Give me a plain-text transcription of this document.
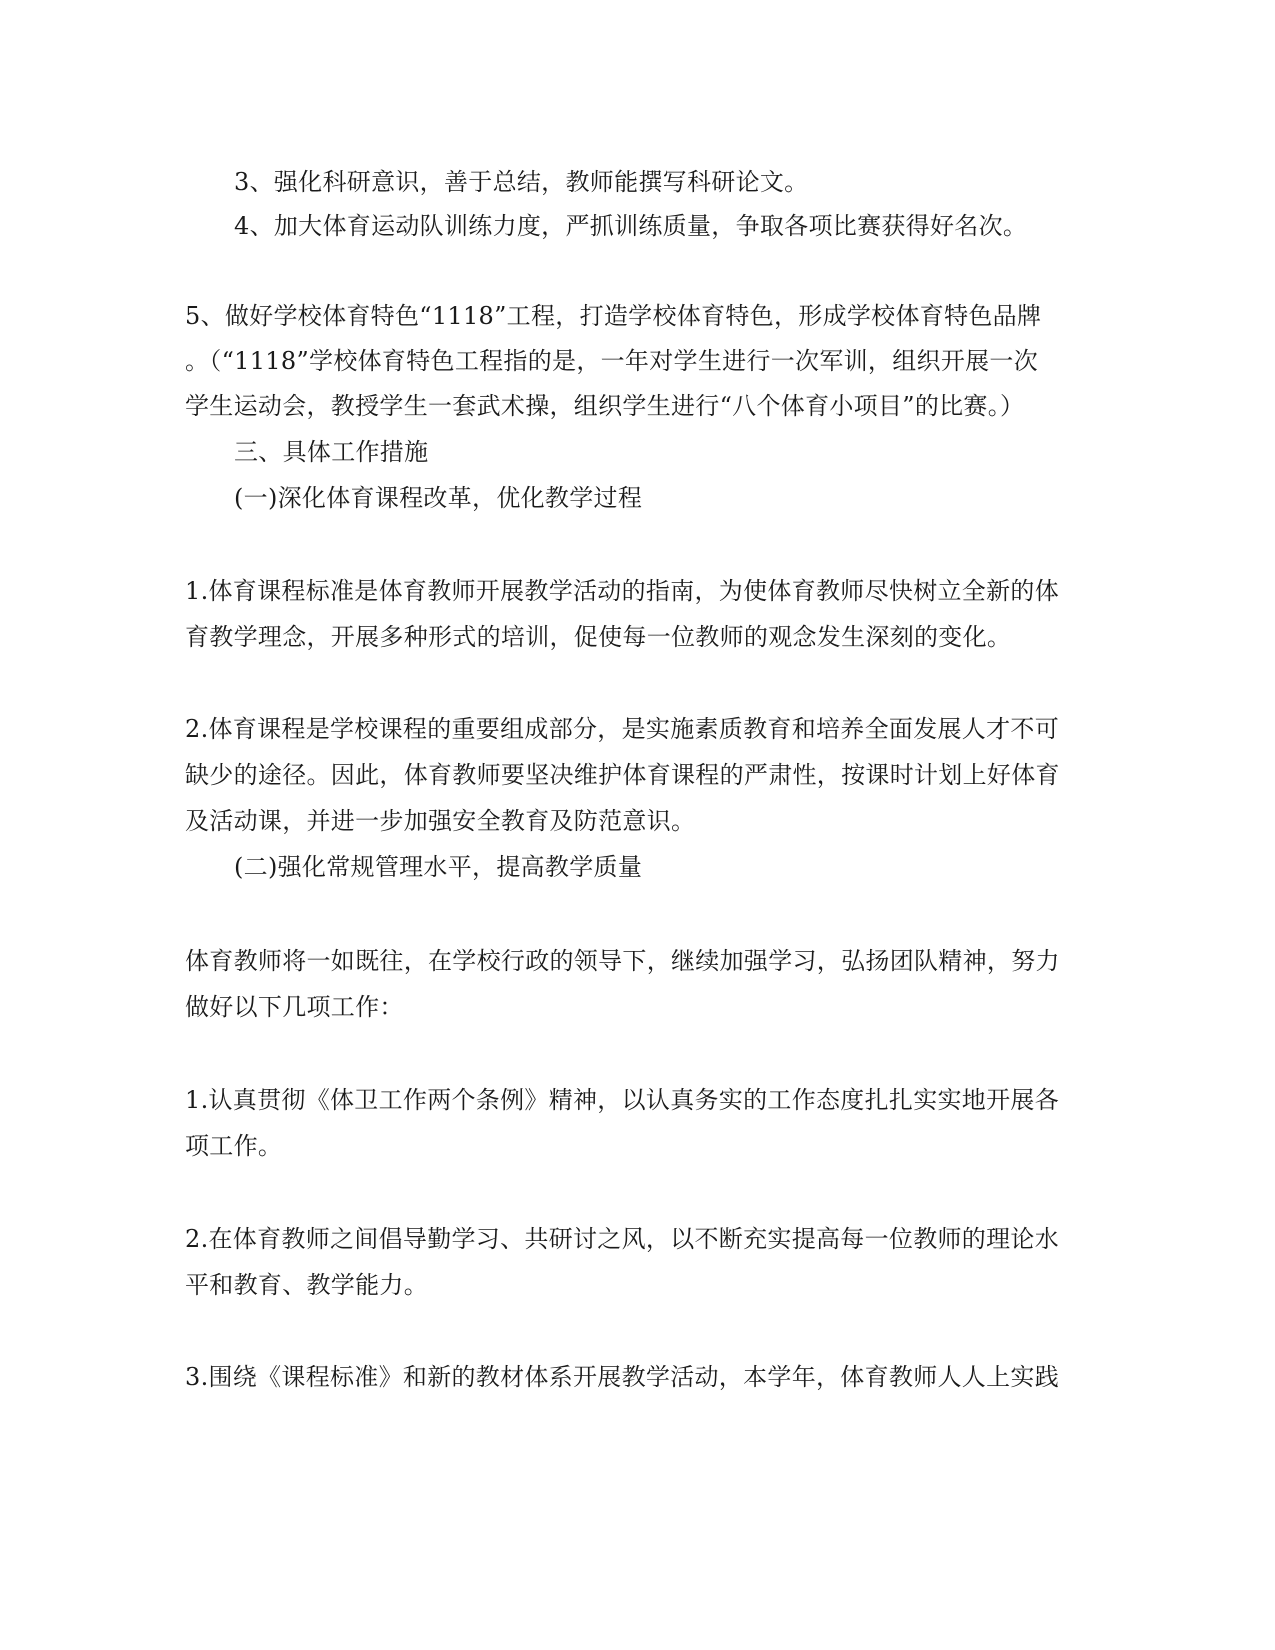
3、强化科研意识，善于总结，教师能撰写科研论文。
4、加大体育运动队训练力度，严抓训练质量，争取各项比赛获得好名次。
5、做好学校体育特色“1118”工程，打造学校体育特色，形成学校体育特色品牌
。（“1118”学校体育特色工程指的是，一年对学生进行一次军训，组织开展一次
学生运动会，教授学生一套武术操，组织学生进行“八个体育小项目”的比赛。）
三、具体工作措施
(一)深化体育课程改革，优化教学过程
1.体育课程标准是体育教师开展教学活动的指南，为使体育教师尽快树立全新的体
育教学理念，开展多种形式的培训，促使每一位教师的观念发生深刻的变化。
2.体育课程是学校课程的重要组成部分，是实施素质教育和培养全面发展人才不可
缺少的途径。因此，体育教师要坚决维护体育课程的严肃性，按课时计划上好体育
及活动课，并进一步加强安全教育及防范意识。
(二)强化常规管理水平，提高教学质量
体育教师将一如既往，在学校行政的领导下，继续加强学习，弘扬团队精神，努力
做好以下几项工作：
1.认真贯彻《体卫工作两个条例》精神，以认真务实的工作态度扎扎实实地开展各
项工作。
2.在体育教师之间倡导勤学习、共研讨之风，以不断充实提高每一位教师的理论水
平和教育、教学能力。
3.围绕《课程标准》和新的教材体系开展教学活动，本学年，体育教师人人上实践
